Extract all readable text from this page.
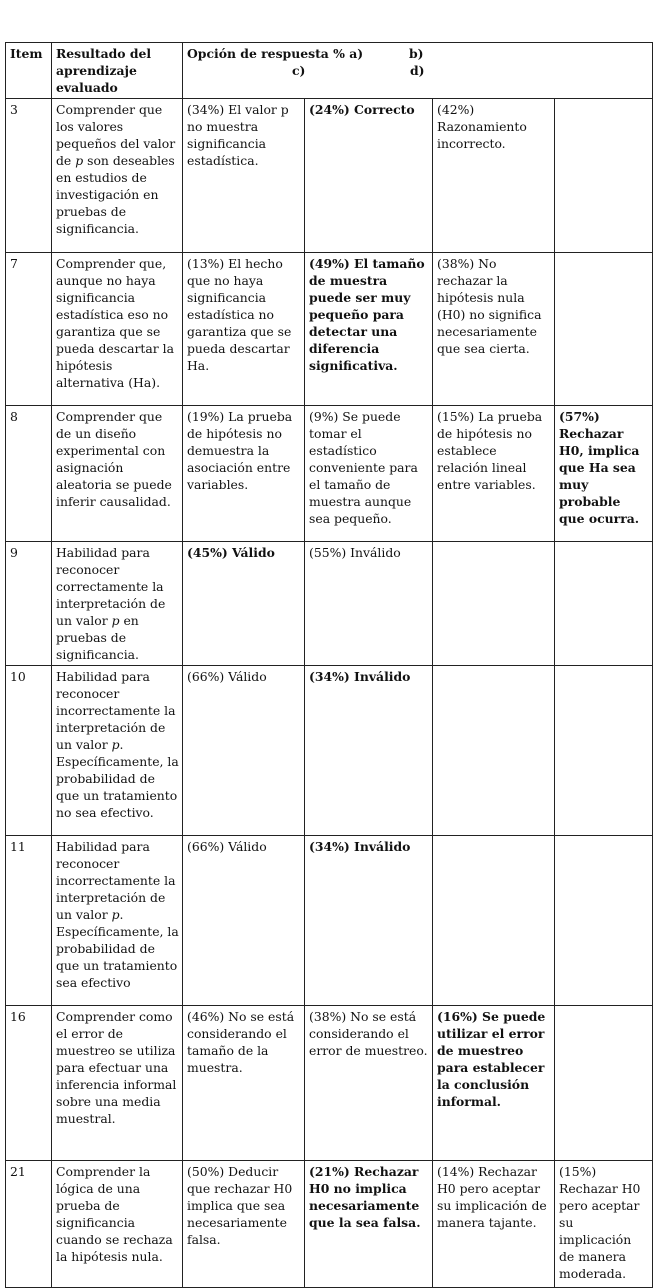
Item	Resultado del aprendizaje evaluado	Opción de respuesta % a) b)
c) d)			

3	Comprender que los valores pequeños del valor de p son deseables en estudios de investigación en pruebas de significancia.	(34%) El valor p no muestra significancia estadística.	(24%) Correcto	(42%) Razonamiento incorrecto.	
7	Comprender que, aunque no haya significancia estadística eso no garantiza que se pueda descartar la hipótesis alternativa (Ha).	(13%) El hecho que no haya significancia estadística no garantiza que se pueda descartar Ha.	(49%) El tamaño de muestra puede ser muy pequeño para detectar una diferencia significativa.	(38%) No rechazar la hipótesis nula (H0) no significa necesariamente que sea cierta.	
8	Comprender que de un diseño experimental con asignación aleatoria se puede inferir causalidad.	(19%) La prueba de hipótesis no demuestra la asociación entre variables.	(9%) Se puede tomar el estadístico conveniente para el tamaño de muestra aunque sea pequeño.	(15%) La prueba de hipótesis no establece relación lineal entre variables.	(57%) Rechazar H0, implica que Ha sea muy probable que ocurra.
9	Habilidad para reconocer correctamente la interpretación de un valor p en pruebas de significancia.	(45%) Válido	(55%) Inválido		
10	Habilidad para reconocer incorrectamente la interpretación de un valor p. Específicamente, la probabilidad de que un tratamiento no sea efectivo.	(66%) Válido	(34%) Inválido		
11	Habilidad para reconocer incorrectamente la interpretación de un valor p. Específicamente, la probabilidad de que un tratamiento sea efectivo	(66%) Válido	(34%) Inválido		
16	Comprender como el error de muestreo se utiliza para efectuar una inferencia informal sobre una media muestral.	(46%) No se está considerando el tamaño de la muestra.	(38%) No se está considerando el error de muestreo.	(16%) Se puede utilizar el error de muestreo para establecer la conclusión informal.	
21	Comprender la lógica de una prueba de significancia cuando se rechaza la hipótesis nula.	(50%) Deducir que rechazar H0 implica que sea necesariamente falsa.	(21%) Rechazar H0 no implica necesariamente que la sea falsa.	(14%) Rechazar H0 pero aceptar su implicación de manera tajante.	(15%) Rechazar H0 pero aceptar su implicación de manera moderada.
